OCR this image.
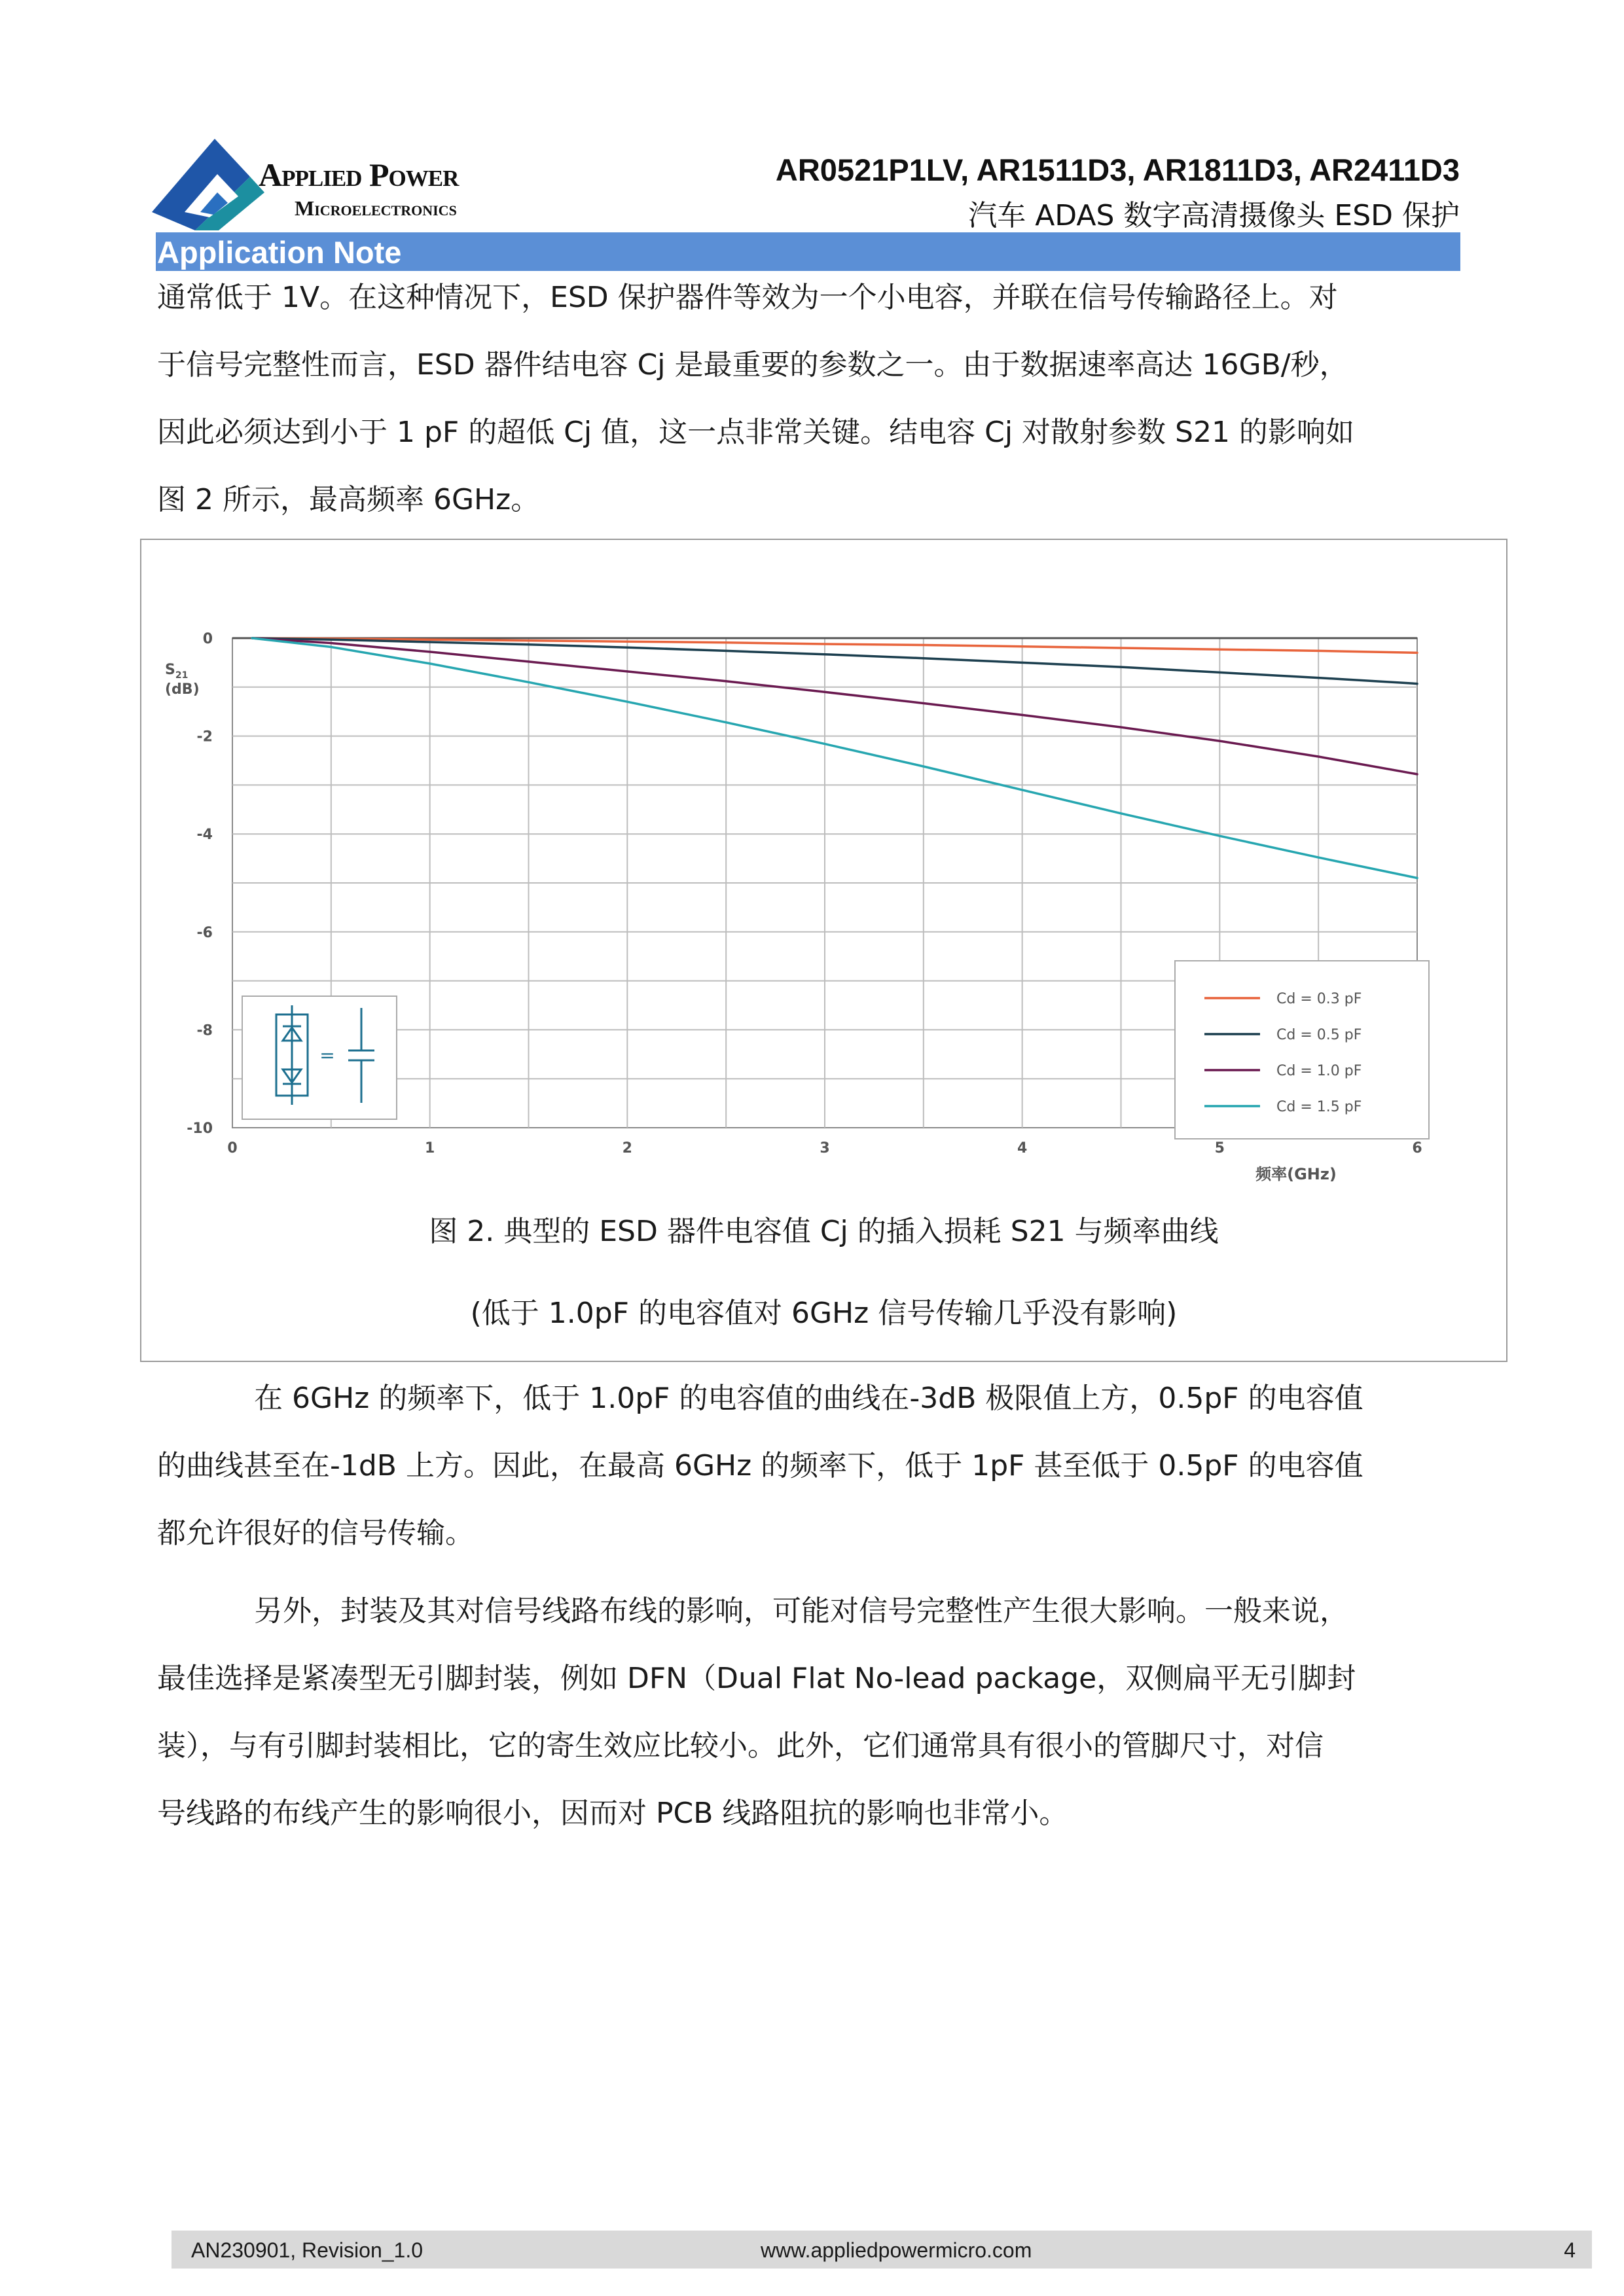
Applied Power
Microelectronics
AR0521P1LV, AR1511D3, AR1811D3, AR2411D3
汽车 ADAS 数字高清摄像头 ESD 保护
Application Note
通常低于 1V。在这种情况下，ESD 保护器件等效为一个小电容，并联在信号传输路径上。对
于信号完整性而言，ESD 器件结电容 Cj 是最重要的参数之一。由于数据速率高达 16GB/秒，
因此必须达到小于 1 pF 的超低 Cj 值，这一点非常关键。结电容 Cj 对散射参数 S21 的影响如
图 2 所示，最高频率 6GHz。
$S_{21}$
(dB)
频率(GHz)
0
-2
-4
-6
-8
-10
0	1	2	3	4	5	6
=
Cd = 0.3 pF
Cd = 0.5 pF
Cd = 1.0 pF
Cd = 1.5 pF
图 2. 典型的 ESD 器件电容值 Cj 的插入损耗 S21 与频率曲线
(低于 1.0pF 的电容值对 6GHz 信号传输几乎没有影响)
在 6GHz 的频率下，低于 1.0pF 的电容值的曲线在-3dB 极限值上方，0.5pF 的电容值
的曲线甚至在-1dB 上方。因此，在最高 6GHz 的频率下，低于 1pF 甚至低于 0.5pF 的电容值
都允许很好的信号传输。
另外，封装及其对信号线路布线的影响，可能对信号完整性产生很大影响。一般来说，
最佳选择是紧凑型无引脚封装，例如 DFN（Dual Flat No-lead package，双侧扁平无引脚封
装），与有引脚封装相比，它的寄生效应比较小。此外，它们通常具有很小的管脚尺寸，对信
号线路的布线产生的影响很小，因而对 PCB 线路阻抗的影响也非常小。
AN230901, Revision_1.0	www.appliedpowermicro.com	4
